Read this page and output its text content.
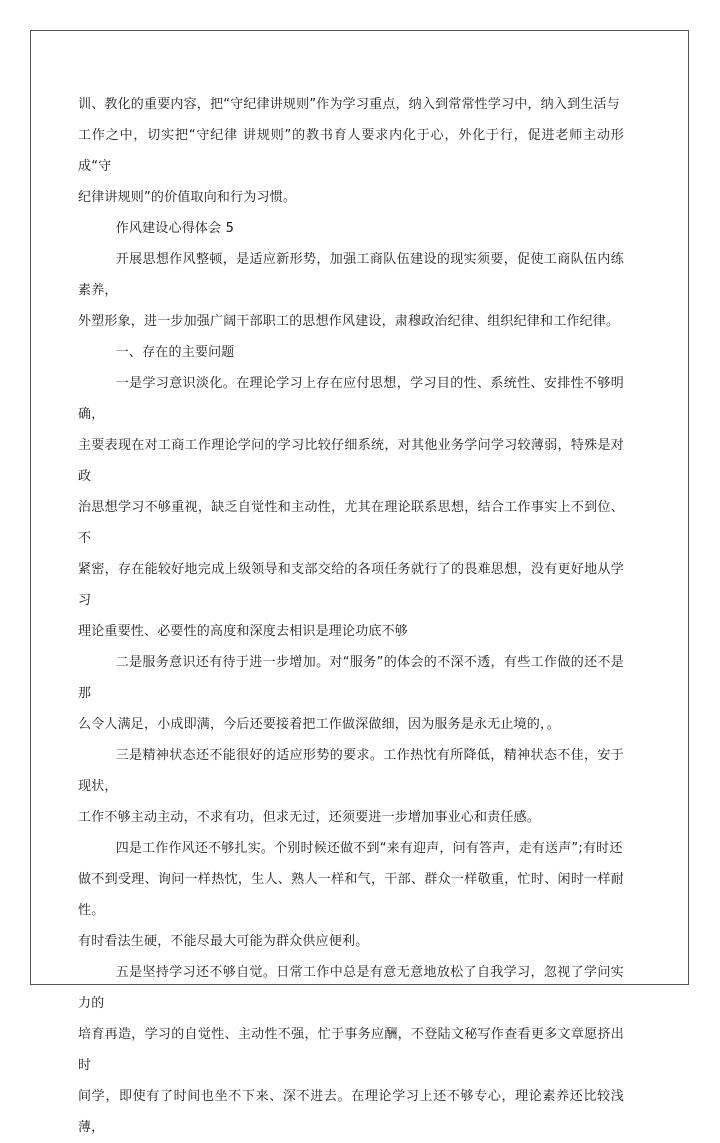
训、教化的重要内容，把“守纪律讲规则”作为学习重点，纳入到常常性学习中，纳入到生活与
工作之中，切实把“守纪律 讲规则”的教书育人要求内化于心，外化于行，促进老师主动形成“守
纪律讲规则”的价值取向和行为习惯。

作风建设心得体会 5

开展思想作风整顿，是适应新形势，加强工商队伍建设的现实须要，促使工商队伍内练素养，
外塑形象，进一步加强广阔干部职工的思想作风建设，肃穆政治纪律、组织纪律和工作纪律。

一、存在的主要问题

一是学习意识淡化。在理论学习上存在应付思想，学习目的性、系统性、安排性不够明确，
主要表现在对工商工作理论学问的学习比较仔细系统，对其他业务学问学习较薄弱，特殊是对政
治思想学习不够重视，缺乏自觉性和主动性，尤其在理论联系思想，结合工作事实上不到位、不
紧密，存在能较好地完成上级领导和支部交给的各项任务就行了的畏难思想，没有更好地从学习
理论重要性、必要性的高度和深度去相识是理论功底不够

二是服务意识还有待于进一步增加。对“服务”的体会的不深不透，有些工作做的还不是那
么令人满足，小成即满，今后还要接着把工作做深做细，因为服务是永无止境的，。

三是精神状态还不能很好的适应形势的要求。工作热忱有所降低，精神状态不佳，安于现状，
工作不够主动主动，不求有功，但求无过，还须要进一步增加事业心和责任感。

四是工作作风还不够扎实。个别时候还做不到“来有迎声，问有答声，走有送声”;有时还
做不到受理、询问一样热忱，生人、熟人一样和气，干部、群众一样敬重，忙时、闲时一样耐性。
有时看法生硬，不能尽最大可能为群众供应便利。

五是坚持学习还不够自觉。日常工作中总是有意无意地放松了自我学习，忽视了学问实力的
培育再造，学习的自觉性、主动性不强，忙于事务应酬，不登陆文秘写作查看更多文章愿挤出时
间学，即使有了时间也坐不下来、深不进去。在理论学习上还不够专心，理论素养还比较浅薄，
